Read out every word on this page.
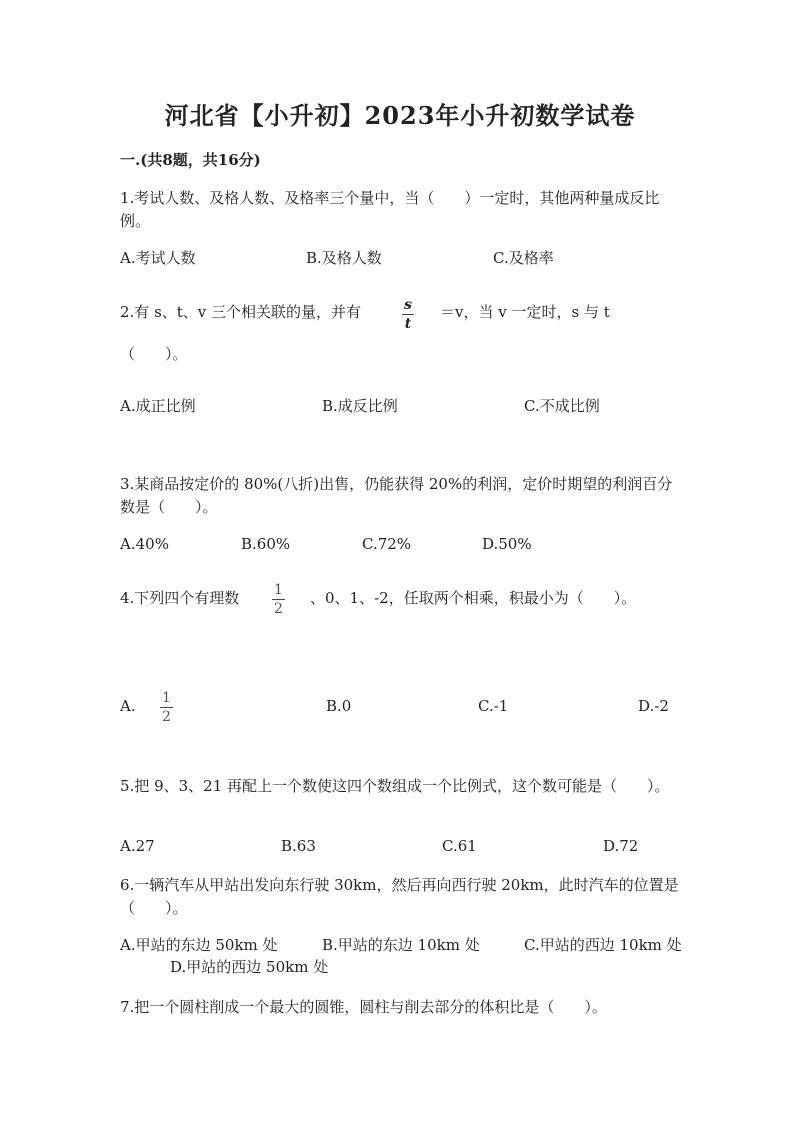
河北省【小升初】2023年小升初数学试卷
一.(共8题，共16分)
1.考试人数、及格人数、及格率三个量中，当（　　）一定时，其他两种量成反比例。
A.考试人数	B.及格人数	C.及格率
2.有 s、t、v 三个相关联的量，并有	$\frac{s}{t} =v$，当 v 一定时，s 与 t
（　　）。
A.成正比例	B.成反比例	C.不成比例
3.某商品按定价的 80%(八折)出售，仍能获得 20%的利润，定价时期望的利润百分数是（　　）。
A.40%	B.60%	C.72%	D.50%
4.下列四个有理数 $\frac{1}{2}$ 、0、1、-2，任取两个相乘，积最小为（　　）。
A. $\frac{1}{2}$	B.0	C.-1	D.-2
5.把 9、3、21 再配上一个数使这四个数组成一个比例式，这个数可能是（　　）。
A.27	B.63	C.61	D.72
6.一辆汽车从甲站出发向东行驶 30km，然后再向西行驶 20km，此时汽车的位置是（　　）。
A.甲站的东边 50km 处	B.甲站的东边 10km 处	C.甲站的西边 10km 处
D.甲站的西边 50km 处
7.把一个圆柱削成一个最大的圆锥，圆柱与削去部分的体积比是（　　）。
